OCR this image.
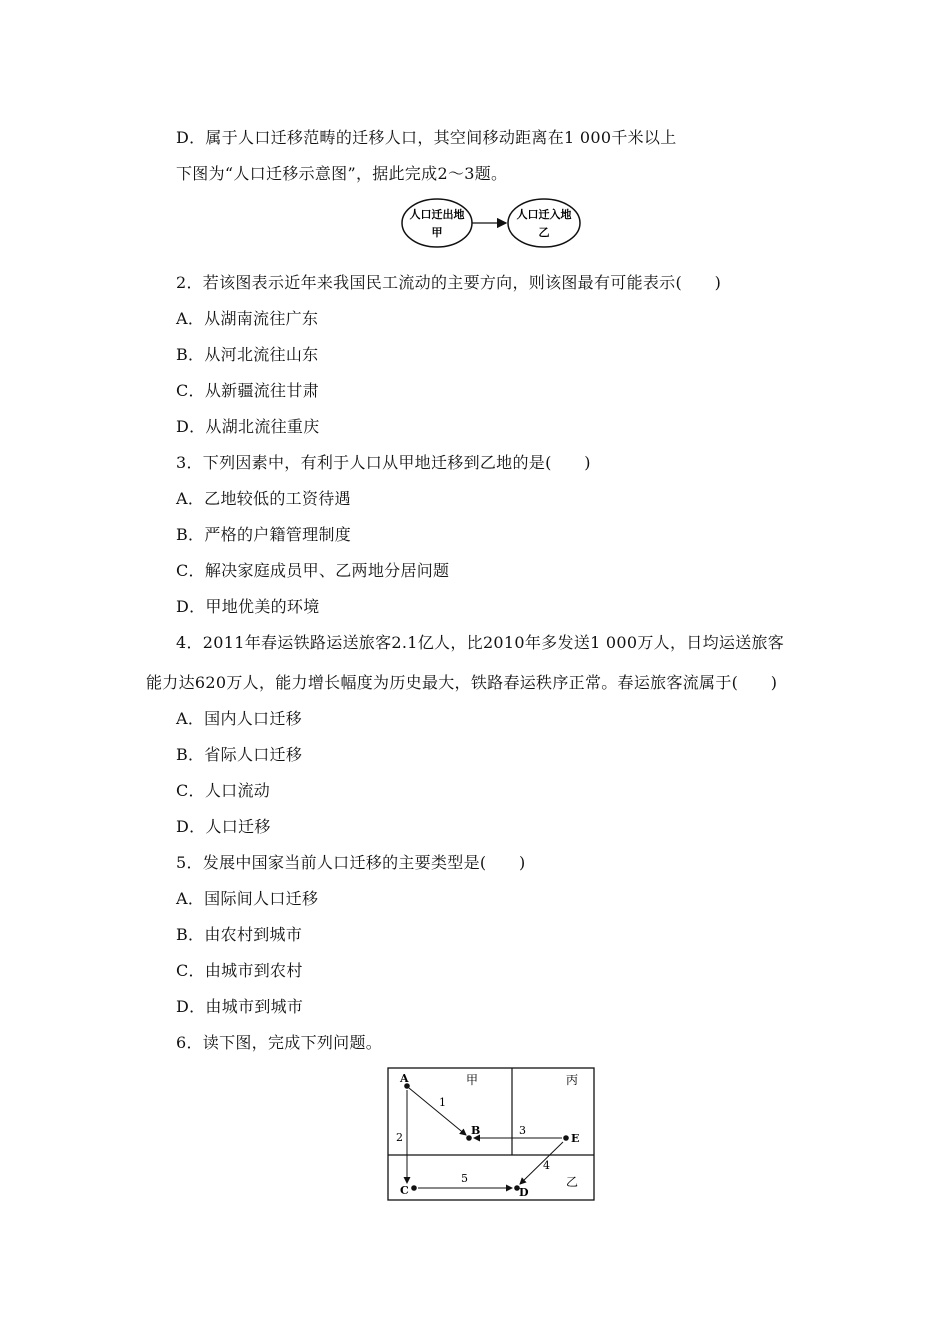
D．属于人口迁移范畴的迁移人口，其空间移动距离在1 000千米以上
下图为“人口迁移示意图”，据此完成2～3题。
人口迁出地
甲
人口迁入地
乙
2．若该图表示近年来我国民工流动的主要方向，则该图最有可能表示(　　)
A．从湖南流往广东
B．从河北流往山东
C．从新疆流往甘肃
D．从湖北流往重庆
3．下列因素中，有利于人口从甲地迁移到乙地的是(　　)
A．乙地较低的工资待遇
B．严格的户籍管理制度
C．解决家庭成员甲、乙两地分居问题
D．甲地优美的环境
4．2011年春运铁路运送旅客2.1亿人，比2010年多发送1 000万人，日均运送旅客
能力达620万人，能力增长幅度为历史最大，铁路春运秩序正常。春运旅客流属于(　　)
A．国内人口迁移
B．省际人口迁移
C．人口流动
D．人口迁移
5．发展中国家当前人口迁移的主要类型是(　　)
A．国际间人口迁移
B．由农村到城市
C．由城市到农村
D．由城市到城市
6．读下图，完成下列问题。
甲	丙
乙
A
B
E
C	D
1
2
3
4
5
